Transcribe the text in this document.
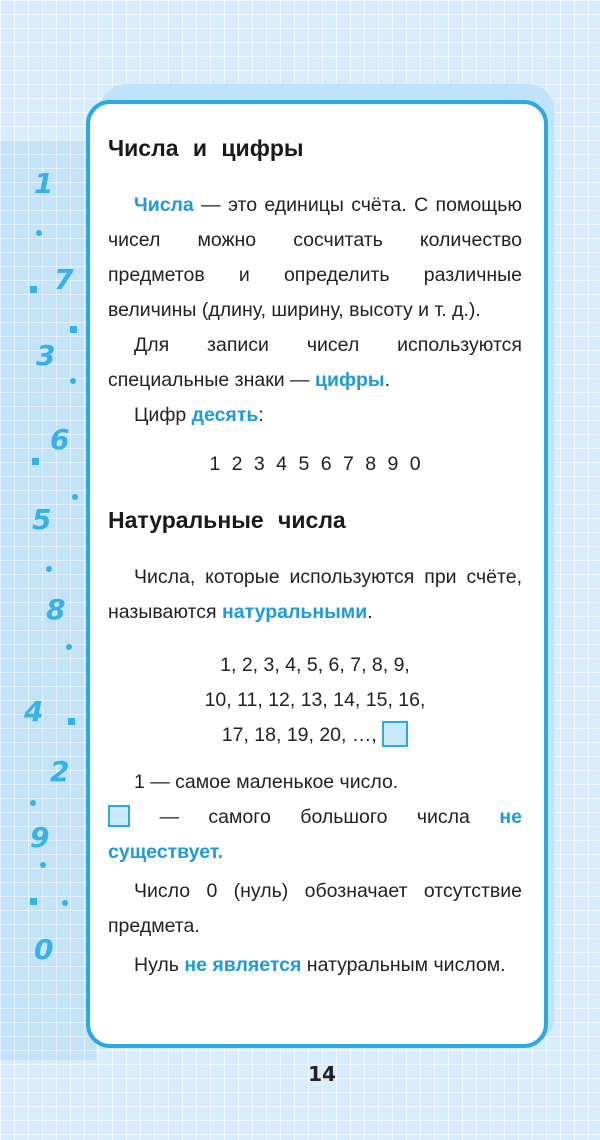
1
7
3
6
5
8
4
2
9
0
Числа и цифры

Числа — это единицы счёта. С помощью чисел можно сосчитать количество предметов и определить различные величины (длину, ширину, высоту и т. д.).

Для записи чисел используются специальные знаки — цифры.

Цифр десять:

1 2 3 4 5 6 7 8 9 0

Натуральные числа

Числа, которые используются при счёте, называются натуральными.

1, 2, 3, 4, 5, 6, 7, 8, 9,
10, 11, 12, 13, 14, 15, 16,
17, 18, 19, 20, …,

1 — самое маленькое число.

— самого большого числа не существует.

Число 0 (нуль) обозначает отсутствие предмета.

Нуль не является натуральным числом.

14
